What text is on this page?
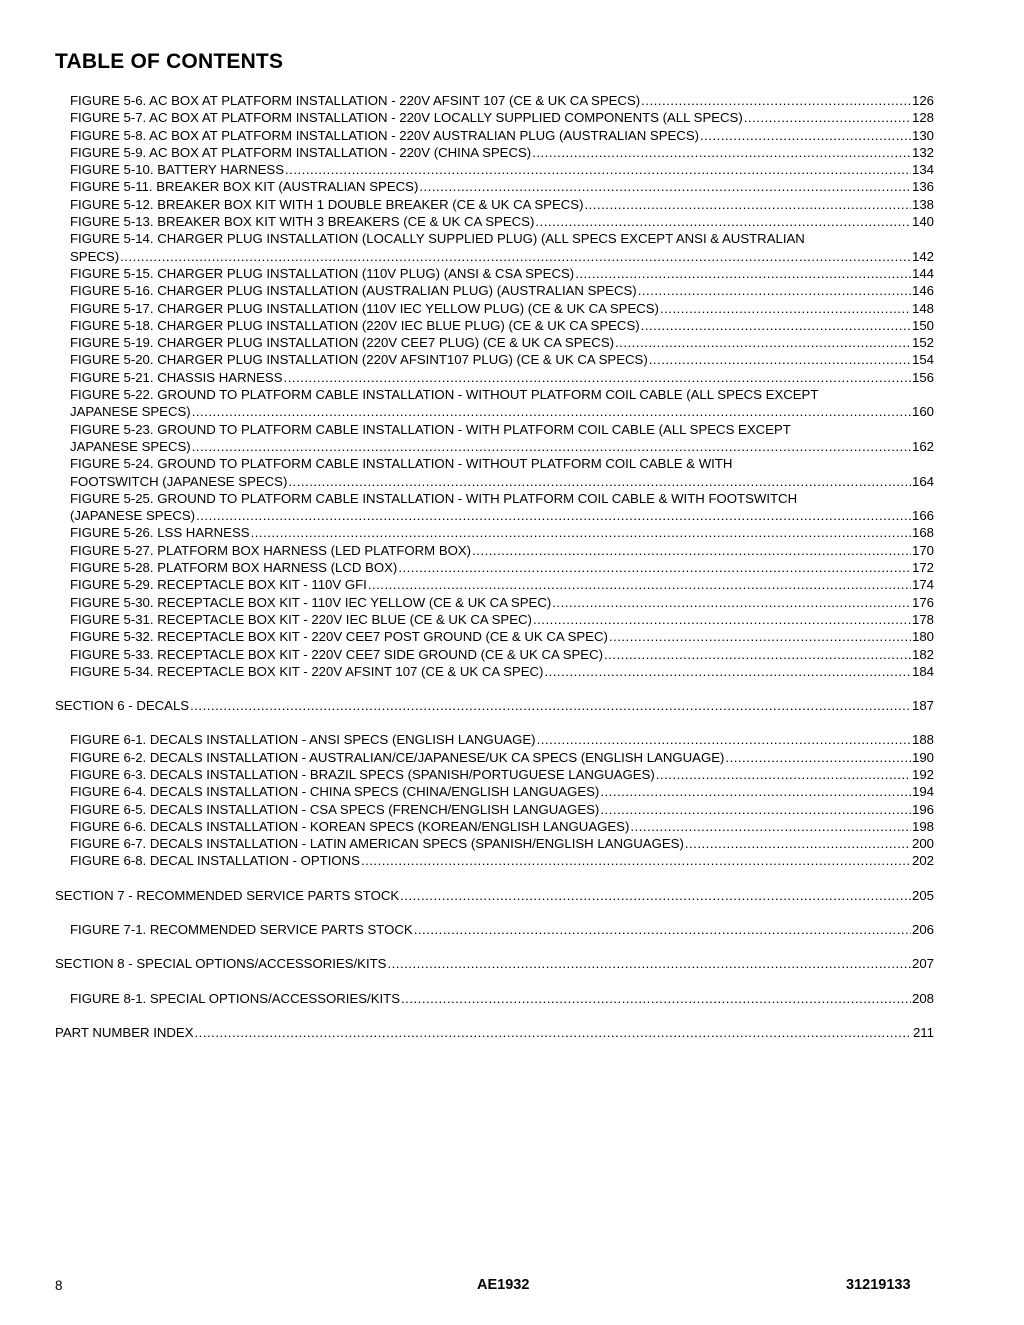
TABLE OF CONTENTS
FIGURE 5-6. AC BOX AT PLATFORM INSTALLATION - 220V AFSINT 107 (CE & UK CA SPECS) .....	126
FIGURE 5-7. AC BOX AT PLATFORM INSTALLATION - 220V LOCALLY SUPPLIED COMPONENTS (ALL SPECS) .....	128
FIGURE 5-8. AC BOX AT PLATFORM INSTALLATION - 220V AUSTRALIAN PLUG (AUSTRALIAN SPECS) .....	130
FIGURE 5-9. AC BOX AT PLATFORM INSTALLATION - 220V (CHINA SPECS) .....	132
FIGURE 5-10. BATTERY HARNESS .....	134
FIGURE 5-11. BREAKER BOX KIT (AUSTRALIAN SPECS) .....	136
FIGURE 5-12. BREAKER BOX KIT WITH 1 DOUBLE BREAKER (CE & UK CA SPECS) .....	138
FIGURE 5-13. BREAKER BOX KIT WITH 3 BREAKERS (CE & UK CA SPECS) .....	140
FIGURE 5-14. CHARGER PLUG INSTALLATION (LOCALLY SUPPLIED PLUG) (ALL SPECS EXCEPT ANSI & AUSTRALIAN
SPECS) .....	142
FIGURE 5-15. CHARGER PLUG INSTALLATION (110V PLUG) (ANSI & CSA SPECS) .....	144
FIGURE 5-16. CHARGER PLUG INSTALLATION (AUSTRALIAN PLUG) (AUSTRALIAN SPECS) .....	146
FIGURE 5-17. CHARGER PLUG INSTALLATION (110V IEC YELLOW PLUG) (CE & UK CA SPECS) .....	148
FIGURE 5-18. CHARGER PLUG INSTALLATION (220V IEC BLUE PLUG) (CE & UK CA SPECS) .....	150
FIGURE 5-19. CHARGER PLUG INSTALLATION (220V CEE7 PLUG) (CE & UK CA SPECS) .....	152
FIGURE 5-20. CHARGER PLUG INSTALLATION (220V AFSINT107 PLUG) (CE & UK CA SPECS) .....	154
FIGURE 5-21. CHASSIS HARNESS .....	156
FIGURE 5-22. GROUND TO PLATFORM CABLE INSTALLATION - WITHOUT PLATFORM COIL CABLE (ALL SPECS EXCEPT
JAPANESE SPECS) .....	160
FIGURE 5-23. GROUND TO PLATFORM CABLE INSTALLATION - WITH PLATFORM COIL CABLE (ALL SPECS EXCEPT
JAPANESE SPECS) .....	162
FIGURE 5-24. GROUND TO PLATFORM CABLE INSTALLATION - WITHOUT PLATFORM COIL CABLE & WITH
FOOTSWITCH (JAPANESE SPECS) .....	164
FIGURE 5-25. GROUND TO PLATFORM CABLE INSTALLATION - WITH PLATFORM COIL CABLE & WITH FOOTSWITCH
(JAPANESE SPECS) .....	166
FIGURE 5-26. LSS HARNESS .....	168
FIGURE 5-27. PLATFORM BOX HARNESS (LED PLATFORM BOX) .....	170
FIGURE 5-28. PLATFORM BOX HARNESS (LCD BOX) .....	172
FIGURE 5-29. RECEPTACLE BOX KIT - 110V GFI .....	174
FIGURE 5-30. RECEPTACLE BOX KIT - 110V IEC YELLOW (CE & UK CA SPEC) .....	176
FIGURE 5-31. RECEPTACLE BOX KIT - 220V IEC BLUE (CE & UK CA SPEC) .....	178
FIGURE 5-32. RECEPTACLE BOX KIT - 220V CEE7 POST GROUND (CE & UK CA SPEC) .....	180
FIGURE 5-33. RECEPTACLE BOX KIT - 220V CEE7 SIDE GROUND (CE & UK CA SPEC) .....	182
FIGURE 5-34. RECEPTACLE BOX KIT - 220V AFSINT 107 (CE & UK CA SPEC) .....	184
SECTION 6 - DECALS .....	187
FIGURE 6-1. DECALS INSTALLATION - ANSI SPECS (ENGLISH LANGUAGE) .....	188
FIGURE 6-2. DECALS INSTALLATION - AUSTRALIAN/CE/JAPANESE/UK CA SPECS (ENGLISH LANGUAGE) .....	190
FIGURE 6-3. DECALS INSTALLATION - BRAZIL SPECS (SPANISH/PORTUGUESE LANGUAGES) .....	192
FIGURE 6-4. DECALS INSTALLATION - CHINA SPECS (CHINA/ENGLISH LANGUAGES) .....	194
FIGURE 6-5. DECALS INSTALLATION - CSA SPECS (FRENCH/ENGLISH LANGUAGES) .....	196
FIGURE 6-6. DECALS INSTALLATION - KOREAN SPECS (KOREAN/ENGLISH LANGUAGES) .....	198
FIGURE 6-7. DECALS INSTALLATION - LATIN AMERICAN SPECS (SPANISH/ENGLISH LANGUAGES) .....	200
FIGURE 6-8. DECAL INSTALLATION - OPTIONS .....	202
SECTION 7 - RECOMMENDED SERVICE PARTS STOCK .....	205
FIGURE 7-1. RECOMMENDED SERVICE PARTS STOCK .....	206
SECTION 8 - SPECIAL OPTIONS/ACCESSORIES/KITS .....	207
FIGURE 8-1. SPECIAL OPTIONS/ACCESSORIES/KITS .....	208
PART NUMBER INDEX .....	211
8	AE1932	31219133
